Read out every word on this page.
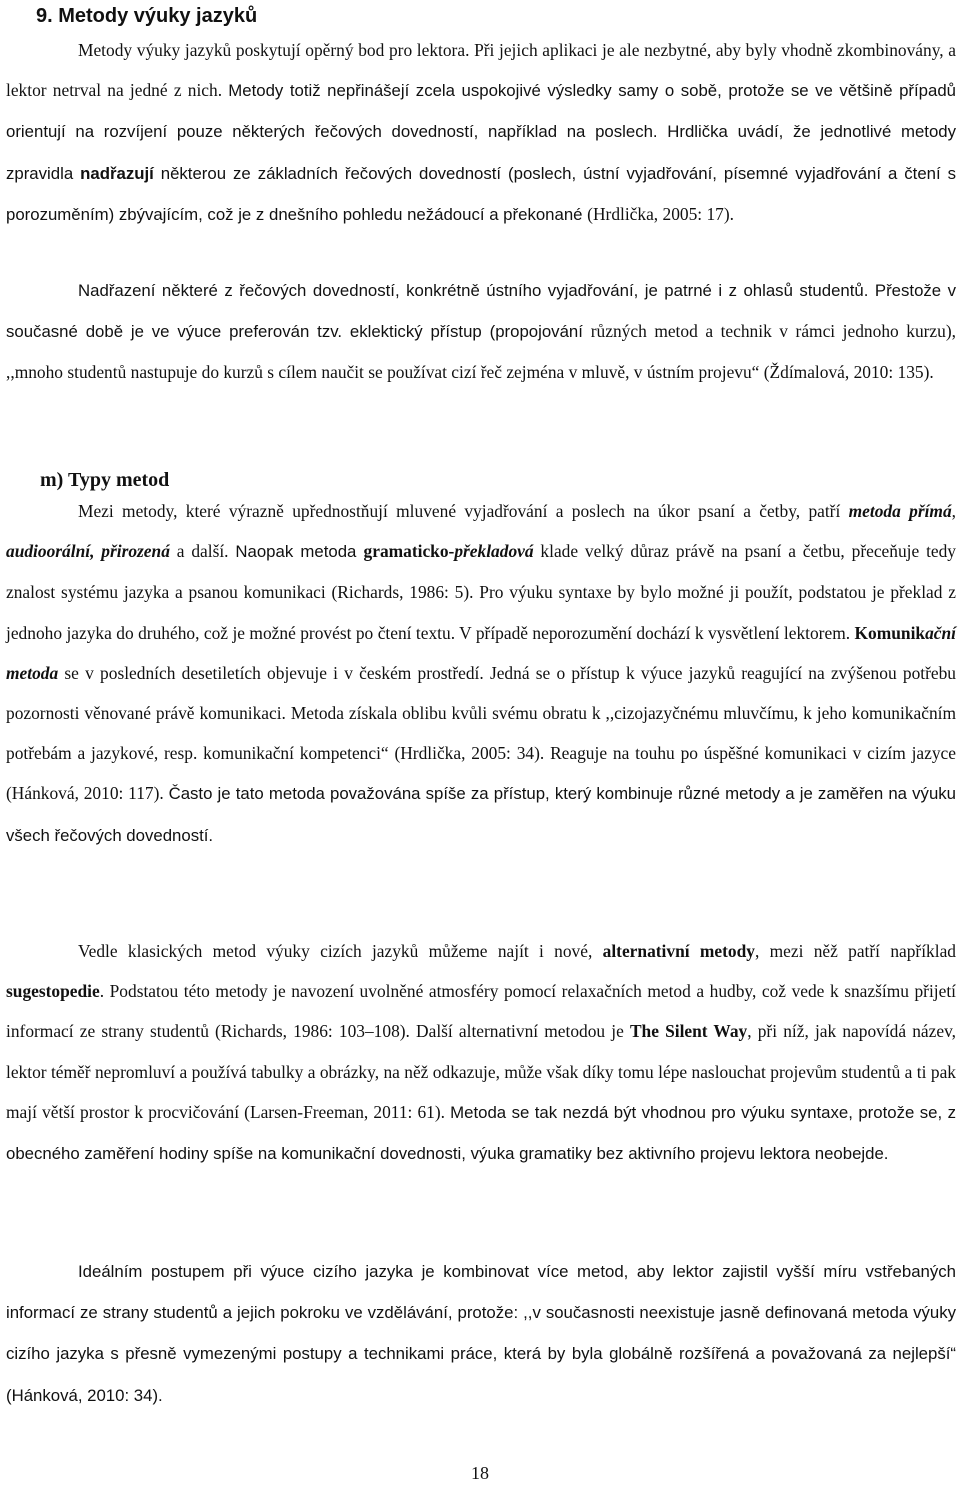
9. Metody výuky jazyků

Metody výuky jazyků poskytují opěrný bod pro lektora. Při jejich aplikaci je ale nezbytné, aby byly vhodně zkombinovány, a lektor netrval na jedné z nich. Metody totiž nepřinášejí zcela uspokojivé výsledky samy o sobě, protože se ve většině případů orientují na rozvíjení pouze některých řečových dovedností, například na poslech. Hrdlička uvádí, že jednotlivé metody zpravidla nadřazují některou ze základních řečových dovedností (poslech, ústní vyjadřování, písemné vyjadřování a čtení s porozuměním) zbývajícím, což je z dnešního pohledu nežádoucí a překonané (Hrdlička, 2005: 17).

Nadřazení některé z řečových dovedností, konkrétně ústního vyjadřování, je patrné i z ohlasů studentů. Přestože v současné době je ve výuce preferován tzv. eklektický přístup (propojování různých metod a technik v rámci jednoho kurzu), ,,mnoho studentů nastupuje do kurzů s cílem naučit se používat cizí řeč zejména v mluvě, v ústním projevu“ (Ždímalová, 2010: 135).

m) Typy metod

Mezi metody, které výrazně upřednostňují mluvené vyjadřování a poslech na úkor psaní a četby, patří metoda přímá, audioorální, přirozená a další. Naopak metoda gramaticko-překladová klade velký důraz právě na psaní a četbu, přeceňuje tedy znalost systému jazyka a psanou komunikaci (Richards, 1986: 5). Pro výuku syntaxe by bylo možné ji použít, podstatou je překlad z jednoho jazyka do druhého, což je možné provést po čtení textu. V případě neporozumění dochází k vysvětlení lektorem. Komunikační metoda se v posledních desetiletích objevuje i v českém prostředí. Jedná se o přístup k výuce jazyků reagující na zvýšenou potřebu pozornosti věnované právě komunikaci. Metoda získala oblibu kvůli svému obratu k ,,cizojazyčnému mluvčímu, k jeho komunikačním potřebám a jazykové, resp. komunikační kompetenci“ (Hrdlička, 2005: 34). Reaguje na touhu po úspěšné komunikaci v cizím jazyce (Hánková, 2010: 117). Často je tato metoda považována spíše za přístup, který kombinuje různé metody a je zaměřen na výuku všech řečových dovedností.

Vedle klasických metod výuky cizích jazyků můžeme najít i nové, alternativní metody, mezi něž patří například sugestopedie. Podstatou této metody je navození uvolněné atmosféry pomocí relaxačních metod a hudby, což vede k snazšímu přijetí informací ze strany studentů (Richards, 1986: 103–108). Další alternativní metodou je The Silent Way, při níž, jak napovídá název, lektor téměř nepromluví a používá tabulky a obrázky, na něž odkazuje, může však díky tomu lépe naslouchat projevům studentů a ti pak mají větší prostor k procvičování (Larsen-Freeman, 2011: 61). Metoda se tak nezdá být vhodnou pro výuku syntaxe, protože se, z obecného zaměření hodiny spíše na komunikační dovednosti, výuka gramatiky bez aktivního projevu lektora neobejde.

Ideálním postupem při výuce cizího jazyka je kombinovat více metod, aby lektor zajistil vyšší míru vstřebaných informací ze strany studentů a jejich pokroku ve vzdělávání, protože: ,,v současnosti neexistuje jasně definovaná metoda výuky cizího jazyka s přesně vymezenými postupy a technikami práce, která by byla globálně rozšířená a považovaná za nejlepší“ (Hánková, 2010: 34).

18
